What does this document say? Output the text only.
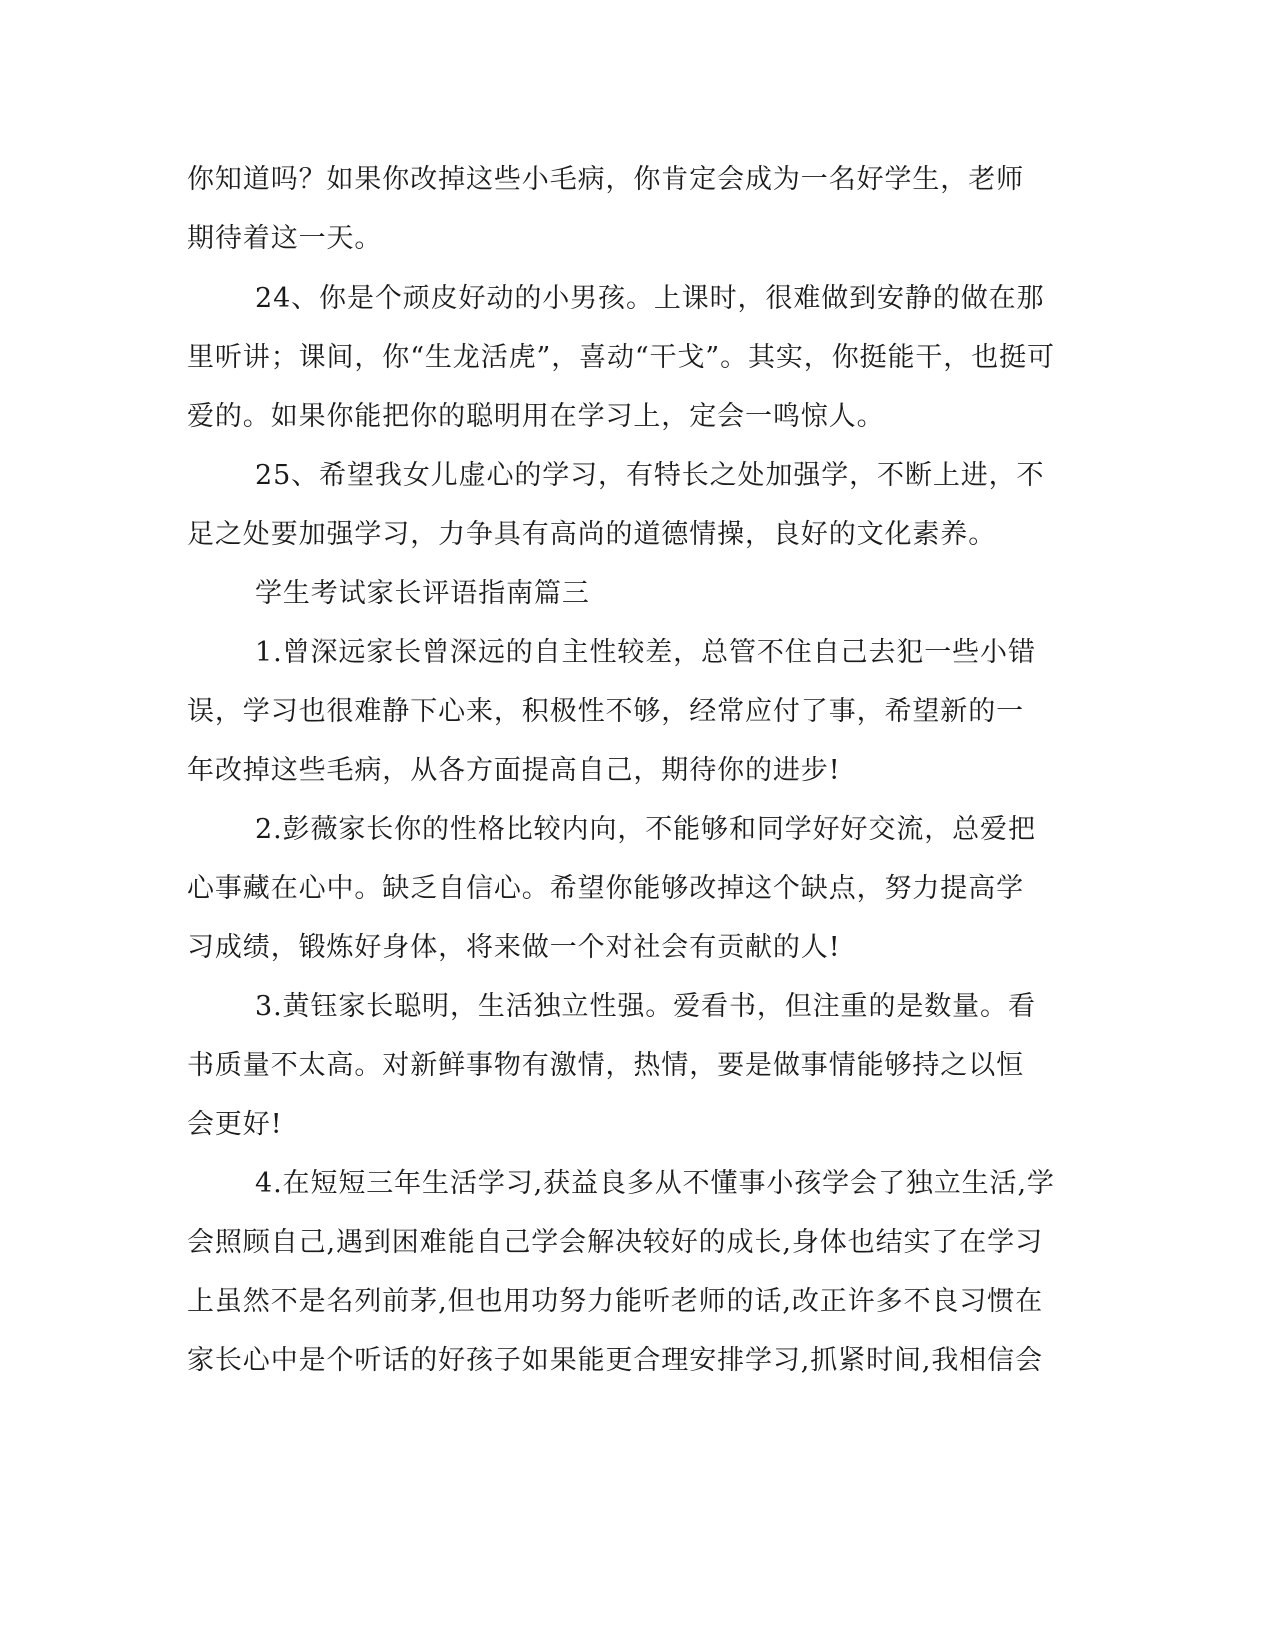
你知道吗？如果你改掉这些小毛病，你肯定会成为一名好学生，老师
期待着这一天。
24、你是个顽皮好动的小男孩。上课时，很难做到安静的做在那
里听讲；课间，你“生龙活虎”，喜动“干戈”。其实，你挺能干，也挺可
爱的。如果你能把你的聪明用在学习上，定会一鸣惊人。
25、希望我女儿虚心的学习，有特长之处加强学，不断上进，不
足之处要加强学习，力争具有高尚的道德情操，良好的文化素养。
学生考试家长评语指南篇三
1.曾深远家长曾深远的自主性较差，总管不住自己去犯一些小错
误，学习也很难静下心来，积极性不够，经常应付了事，希望新的一
年改掉这些毛病，从各方面提高自己，期待你的进步!
2.彭薇家长你的性格比较内向，不能够和同学好好交流，总爱把
心事藏在心中。缺乏自信心。希望你能够改掉这个缺点，努力提高学
习成绩，锻炼好身体，将来做一个对社会有贡献的人!
3.黄钰家长聪明，生活独立性强。爱看书，但注重的是数量。看
书质量不太高。对新鲜事物有激情，热情，要是做事情能够持之以恒
会更好!
4.在短短三年生活学习,获益良多从不懂事小孩学会了独立生活,学
会照顾自己,遇到困难能自己学会解决较好的成长,身体也结实了在学习
上虽然不是名列前茅,但也用功努力能听老师的话,改正许多不良习惯在
家长心中是个听话的好孩子如果能更合理安排学习,抓紧时间,我相信会
